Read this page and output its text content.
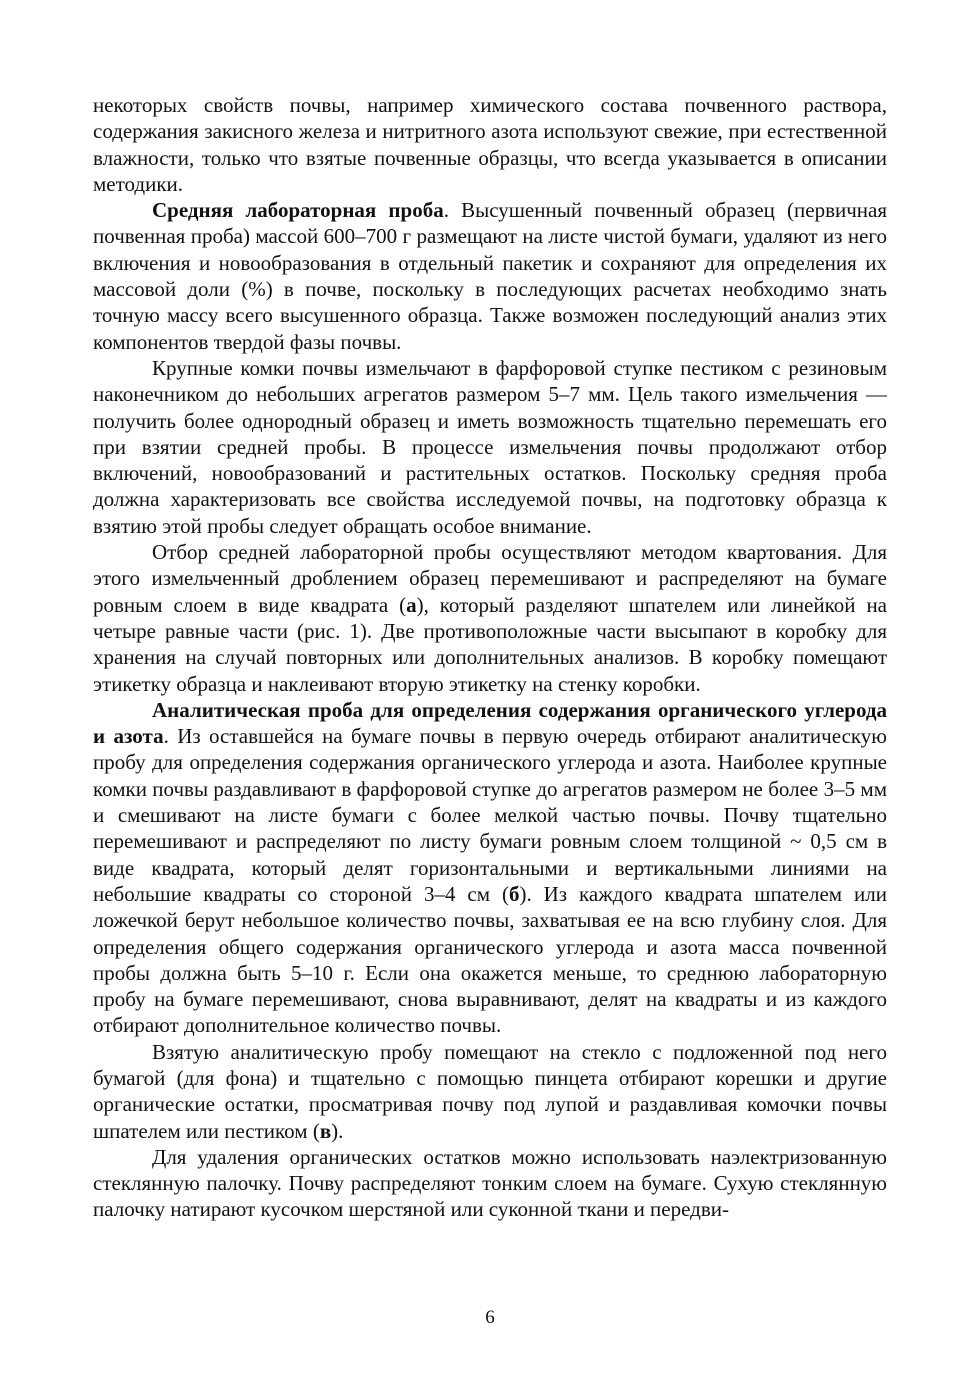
некоторых свойств почвы, например химического состава почвенного раствора, содержания закисного железа и нитритного азота используют свежие, при естественной влажности, только что взятые почвенные образцы, что всегда указывается в описании методики.

Средняя лабораторная проба. Высушенный почвенный образец (первичная почвенная проба) массой 600–700 г размещают на листе чистой бумаги, удаляют из него включения и новообразования в отдельный пакетик и сохраняют для определения их массовой доли (%) в почве, поскольку в последующих расчетах необходимо знать точную массу всего высушенного образца. Также возможен последующий анализ этих компонентов твердой фазы почвы.

Крупные комки почвы измельчают в фарфоровой ступке пестиком с резиновым наконечником до небольших агрегатов размером 5–7 мм. Цель такого измельчения — получить более однородный образец и иметь возможность тщательно перемешать его при взятии средней пробы. В процессе измельчения почвы продолжают отбор включений, новообразований и растительных остатков. Поскольку средняя проба должна характеризовать все свойства исследуемой почвы, на подготовку образца к взятию этой пробы следует обращать особое внимание.

Отбор средней лабораторной пробы осуществляют методом квартования. Для этого измельченный дроблением образец перемешивают и распределяют на бумаге ровным слоем в виде квадрата (а), который разделяют шпателем или линейкой на четыре равные части (рис. 1). Две противоположные части высыпают в коробку для хранения на случай повторных или дополнительных анализов. В коробку помещают этикетку образца и наклеивают вторую этикетку на стенку коробки.

Аналитическая проба для определения содержания органического углерода и азота. Из оставшейся на бумаге почвы в первую очередь отбирают аналитическую пробу для определения содержания органического углерода и азота. Наиболее крупные комки почвы раздавливают в фарфоровой ступке до агрегатов размером не более 3–5 мм и смешивают на листе бумаги с более мелкой частью почвы. Почву тщательно перемешивают и распределяют по листу бумаги ровным слоем толщиной ~ 0,5 см в виде квадрата, который делят горизонтальными и вертикальными линиями на небольшие квадраты со стороной 3–4 см (б). Из каждого квадрата шпателем или ложечкой берут небольшое количество почвы, захватывая ее на всю глубину слоя. Для определения общего содержания органического углерода и азота масса почвенной пробы должна быть 5–10 г. Если она окажется меньше, то среднюю лабораторную пробу на бумаге перемешивают, снова выравнивают, делят на квадраты и из каждого отбирают дополнительное количество почвы.

Взятую аналитическую пробу помещают на стекло с подложенной под него бумагой (для фона) и тщательно с помощью пинцета отбирают корешки и другие органические остатки, просматривая почву под лупой и раздавливая комочки почвы шпателем или пестиком (в).

Для удаления органических остатков можно использовать наэлектризованную стеклянную палочку. Почву распределяют тонким слоем на бумаге. Сухую стеклянную палочку натирают кусочком шерстяной или суконной ткани и передви-

6
